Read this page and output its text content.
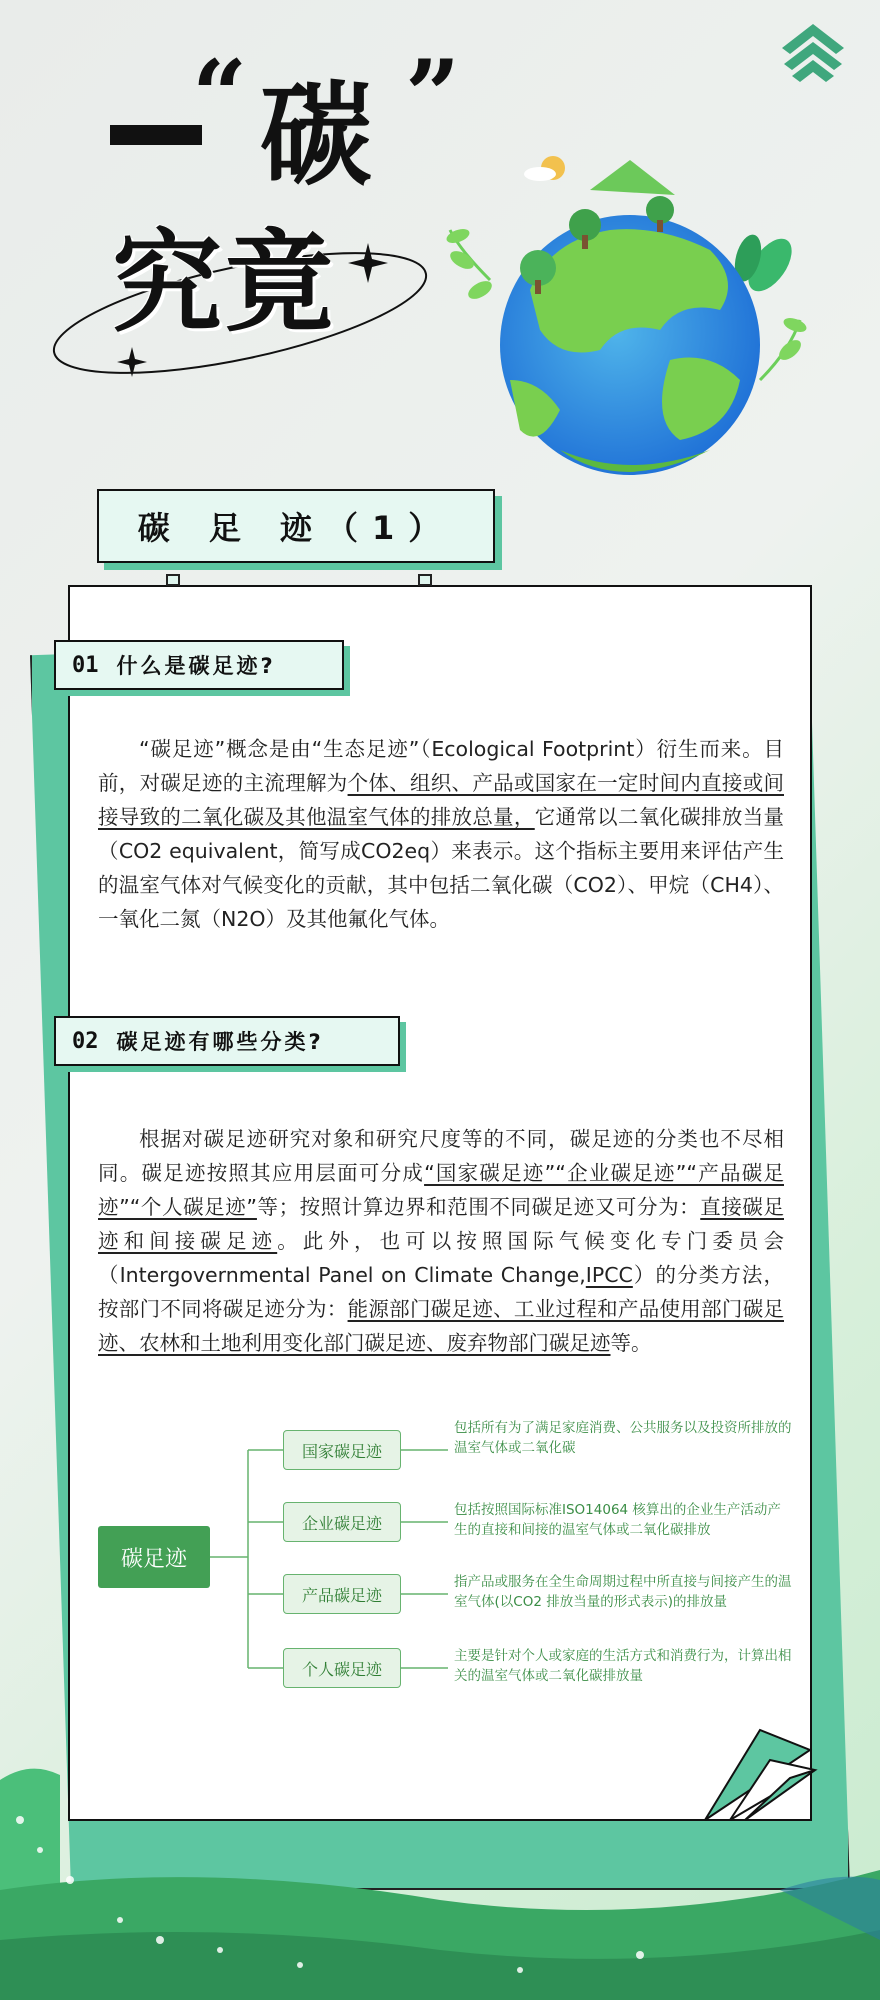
“ ”
碳
究竟
碳 足 迹（1）
01 什么是碳足迹?
“碳足迹”概念是由“生态足迹”（Ecological Footprint）衍生而来。目前，对碳足迹的主流理解为个体、组织、产品或国家在一定时间内直接或间接导致的二氧化碳及其他温室气体的排放总量，它通常以二氧化碳排放当量（CO2 equivalent，简写成CO2eq）来表示。这个指标主要用来评估产生的温室气体对气候变化的贡献，其中包括二氧化碳（CO2）、甲烷（CH4）、一氧化二氮（N2O）及其他氟化气体。
02 碳足迹有哪些分类?
根据对碳足迹研究对象和研究尺度等的不同，碳足迹的分类也不尽相同。碳足迹按照其应用层面可分成“国家碳足迹”“企业碳足迹”“产品碳足迹”“个人碳足迹”等；按照计算边界和范围不同碳足迹又可分为：直接碳足迹和间接碳足迹。此外，也可以按照国际气候变化专门委员会（Intergovernmental Panel on Climate Change,IPCC）的分类方法，按部门不同将碳足迹分为：能源部门碳足迹、工业过程和产品使用部门碳足迹、农林和土地利用变化部门碳足迹、废弃物部门碳足迹等。
碳足迹
国家碳足迹
包括所有为了满足家庭消费、公共服务以及投资所排放的温室气体或二氧化碳
企业碳足迹
包括按照国际标准ISO14064 核算出的企业生产活动产生的直接和间接的温室气体或二氧化碳排放
产品碳足迹
指产品或服务在全生命周期过程中所直接与间接产生的温室气体(以CO2 排放当量的形式表示)的排放量
个人碳足迹
主要是针对个人或家庭的生活方式和消费行为，计算出相关的温室气体或二氧化碳排放量
